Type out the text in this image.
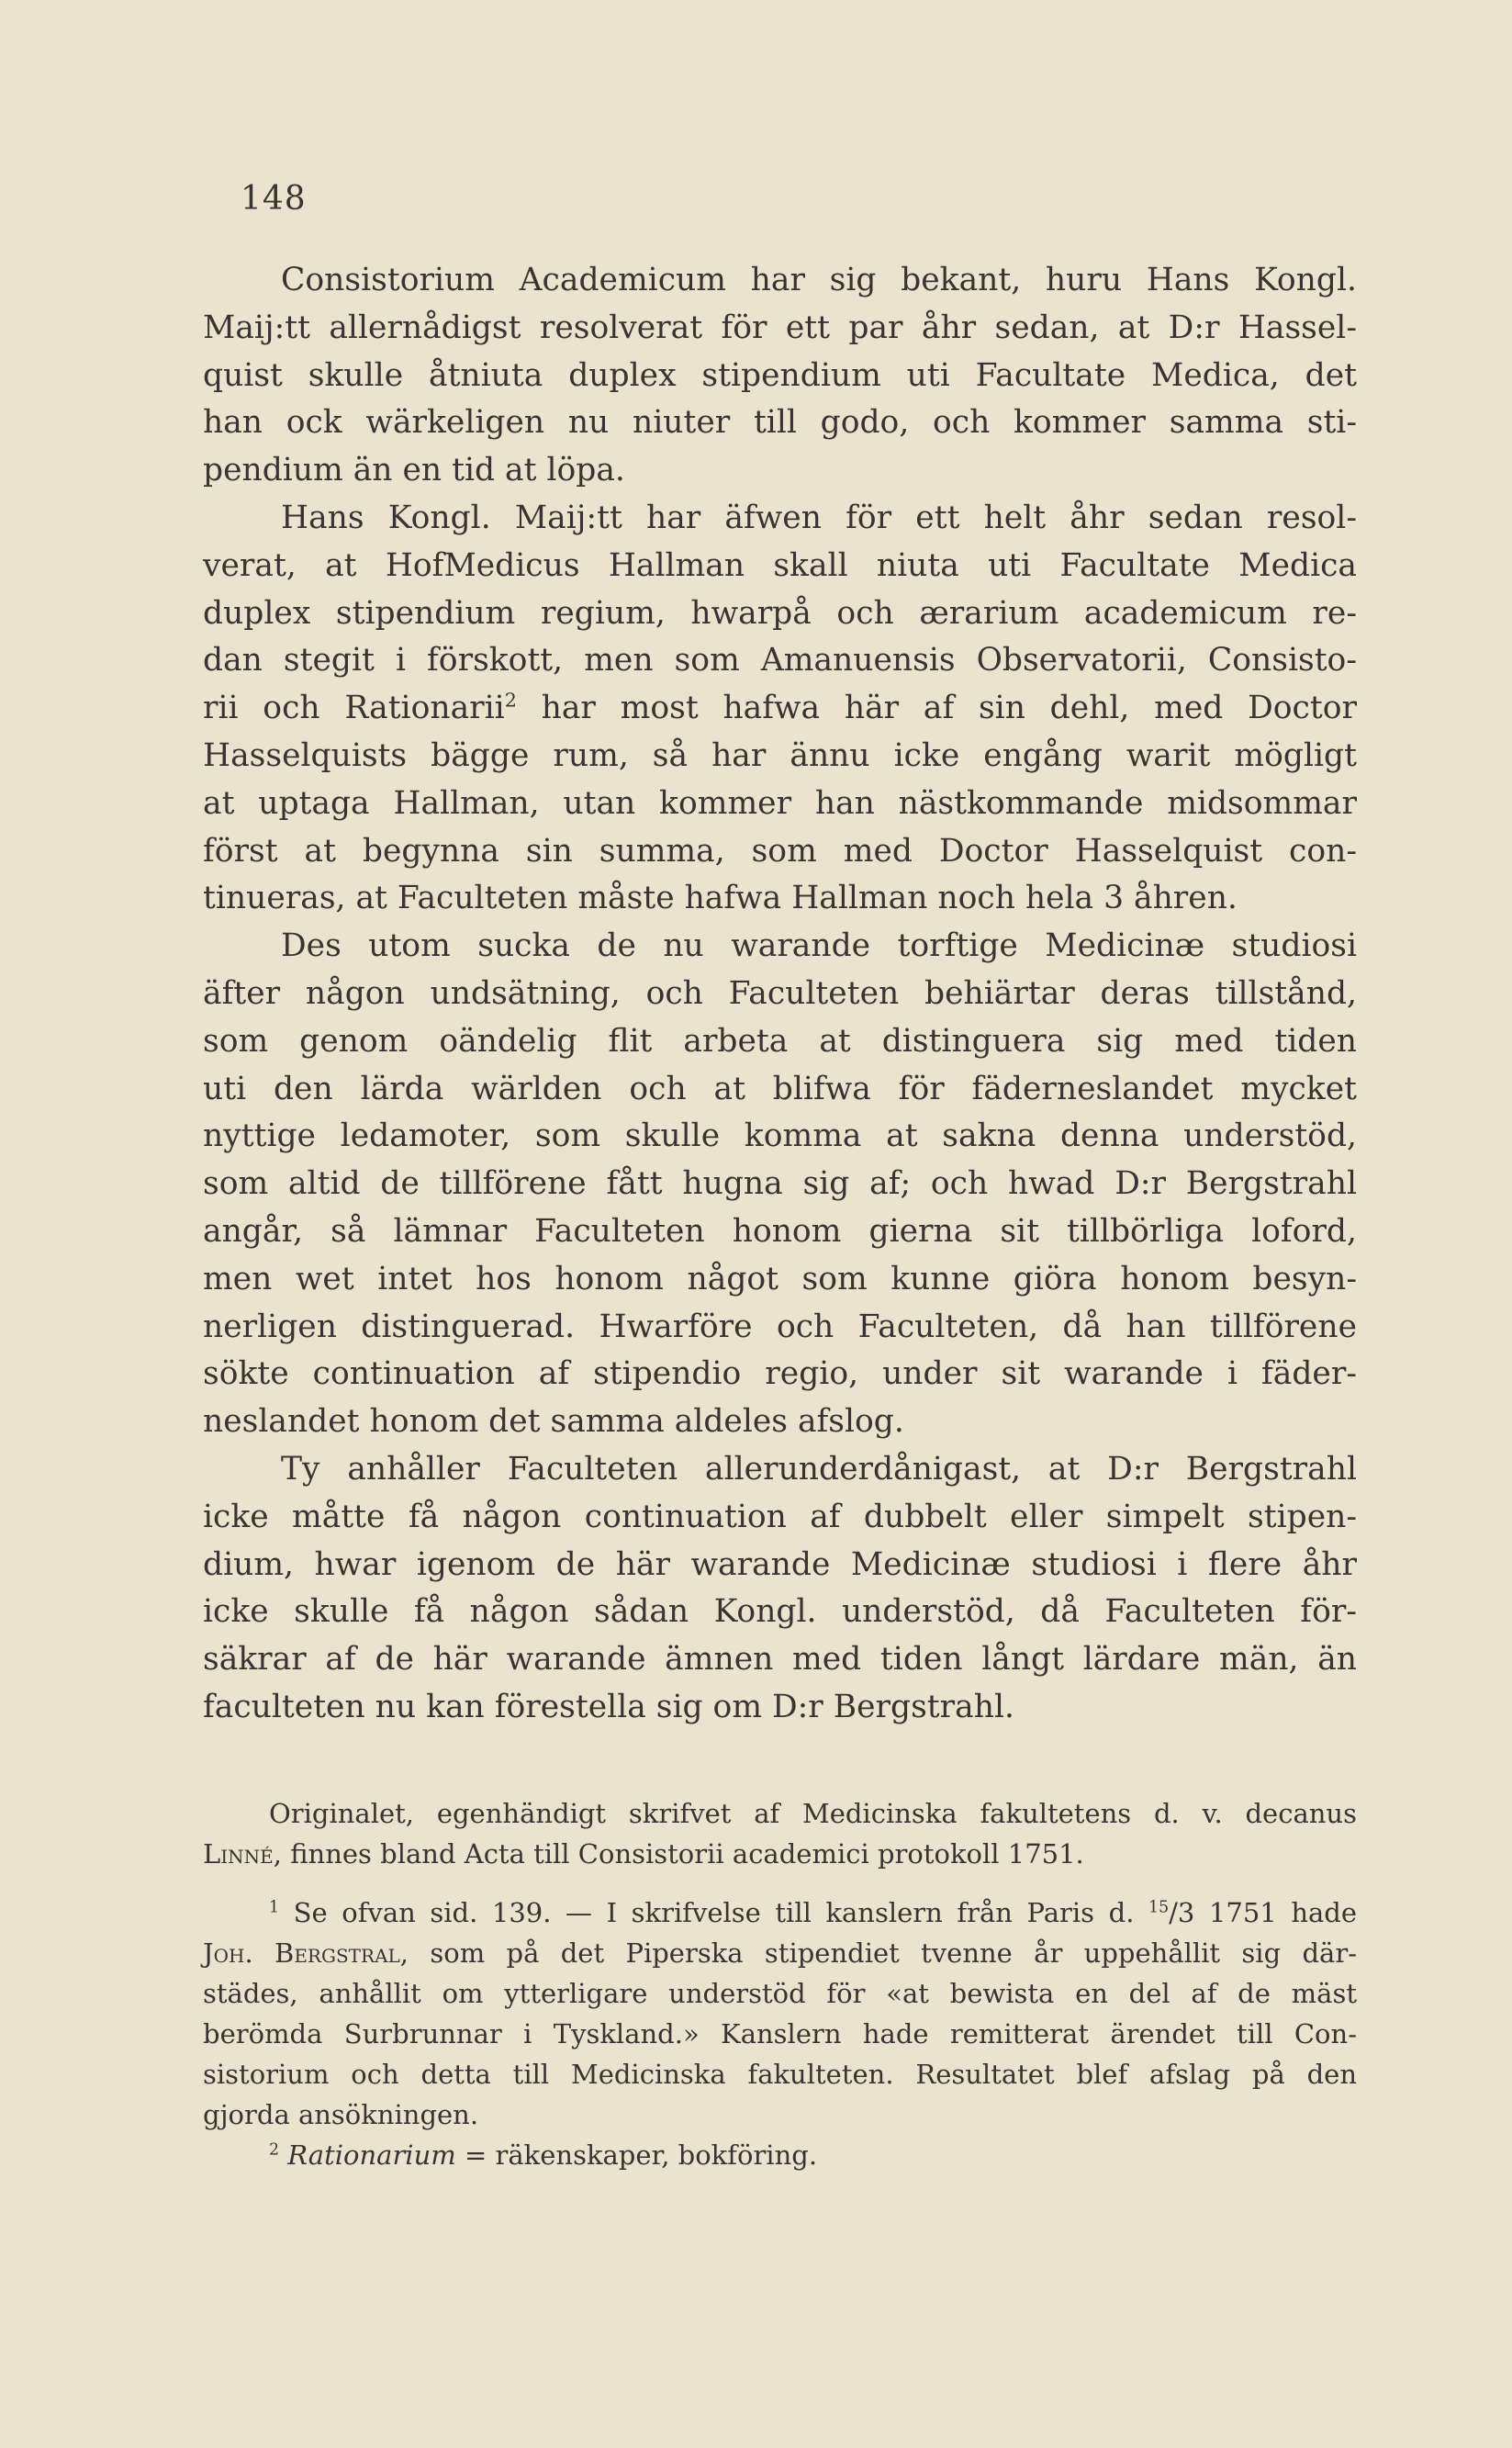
148
Consistorium Academicum har sig bekant, huru Hans Kongl.
Maij:tt allernådigst resolverat för ett par åhr sedan, at D:r Hassel-
quist skulle åtniuta duplex stipendium uti Facultate Medica, det
han ock wärkeligen nu niuter till godo, och kommer samma sti-
pendium än en tid at löpa.
Hans Kongl. Maij:tt har äfwen för ett helt åhr sedan resol-
verat, at HofMedicus Hallman skall niuta uti Facultate Medica
duplex stipendium regium, hwarpå och ærarium academicum re-
dan stegit i förskott, men som Amanuensis Observatorii, Consisto-
rii och Rationarii$^2$ har most hafwa här af sin dehl, med Doctor
Hasselquists bägge rum, så har ännu icke engång warit mögligt
at uptaga Hallman, utan kommer han nästkommande midsommar
först at begynna sin summa, som med Doctor Hasselquist con-
tinueras, at Faculteten måste hafwa Hallman noch hela 3 åhren.
Des utom sucka de nu warande torftige Medicinæ studiosi
äfter någon undsätning, och Faculteten behiärtar deras tillstånd,
som genom oändelig flit arbeta at distinguera sig med tiden
uti den lärda wärlden och at blifwa för fäderneslandet mycket
nyttige ledamoter, som skulle komma at sakna denna understöd,
som altid de tillförene fått hugna sig af; och hwad D:r Bergstrahl
angår, så lämnar Faculteten honom gierna sit tillbörliga loford,
men wet intet hos honom något som kunne giöra honom besyn-
nerligen distinguerad. Hwarföre och Faculteten, då han tillförene
sökte continuation af stipendio regio, under sit warande i fäder-
neslandet honom det samma aldeles afslog.
Ty anhåller Faculteten allerunderdånigast, at D:r Bergstrahl
icke måtte få någon continuation af dubbelt eller simpelt stipen-
dium, hwar igenom de här warande Medicinæ studiosi i flere åhr
icke skulle få någon sådan Kongl. understöd, då Faculteten för-
säkrar af de här warande ämnen med tiden långt lärdare män, än
faculteten nu kan förestella sig om D:r Bergstrahl.
Originalet, egenhändigt skrifvet af Medicinska fakultetens d. v. decanus
Linné, finnes bland Acta till Consistorii academici protokoll 1751.
$^1$ Se ofvan sid. 139. — I skrifvelse till kanslern från Paris d. $^{15}$/3 1751 hade
Joh. Bergstral, som på det Piperska stipendiet tvenne år uppehållit sig där-
städes, anhållit om ytterligare understöd för «at bewista en del af de mäst
berömda Surbrunnar i Tyskland.» Kanslern hade remitterat ärendet till Con-
sistorium och detta till Medicinska fakulteten. Resultatet blef afslag på den
gjorda ansökningen.
$^2$ Rationarium = räkenskaper, bokföring.
